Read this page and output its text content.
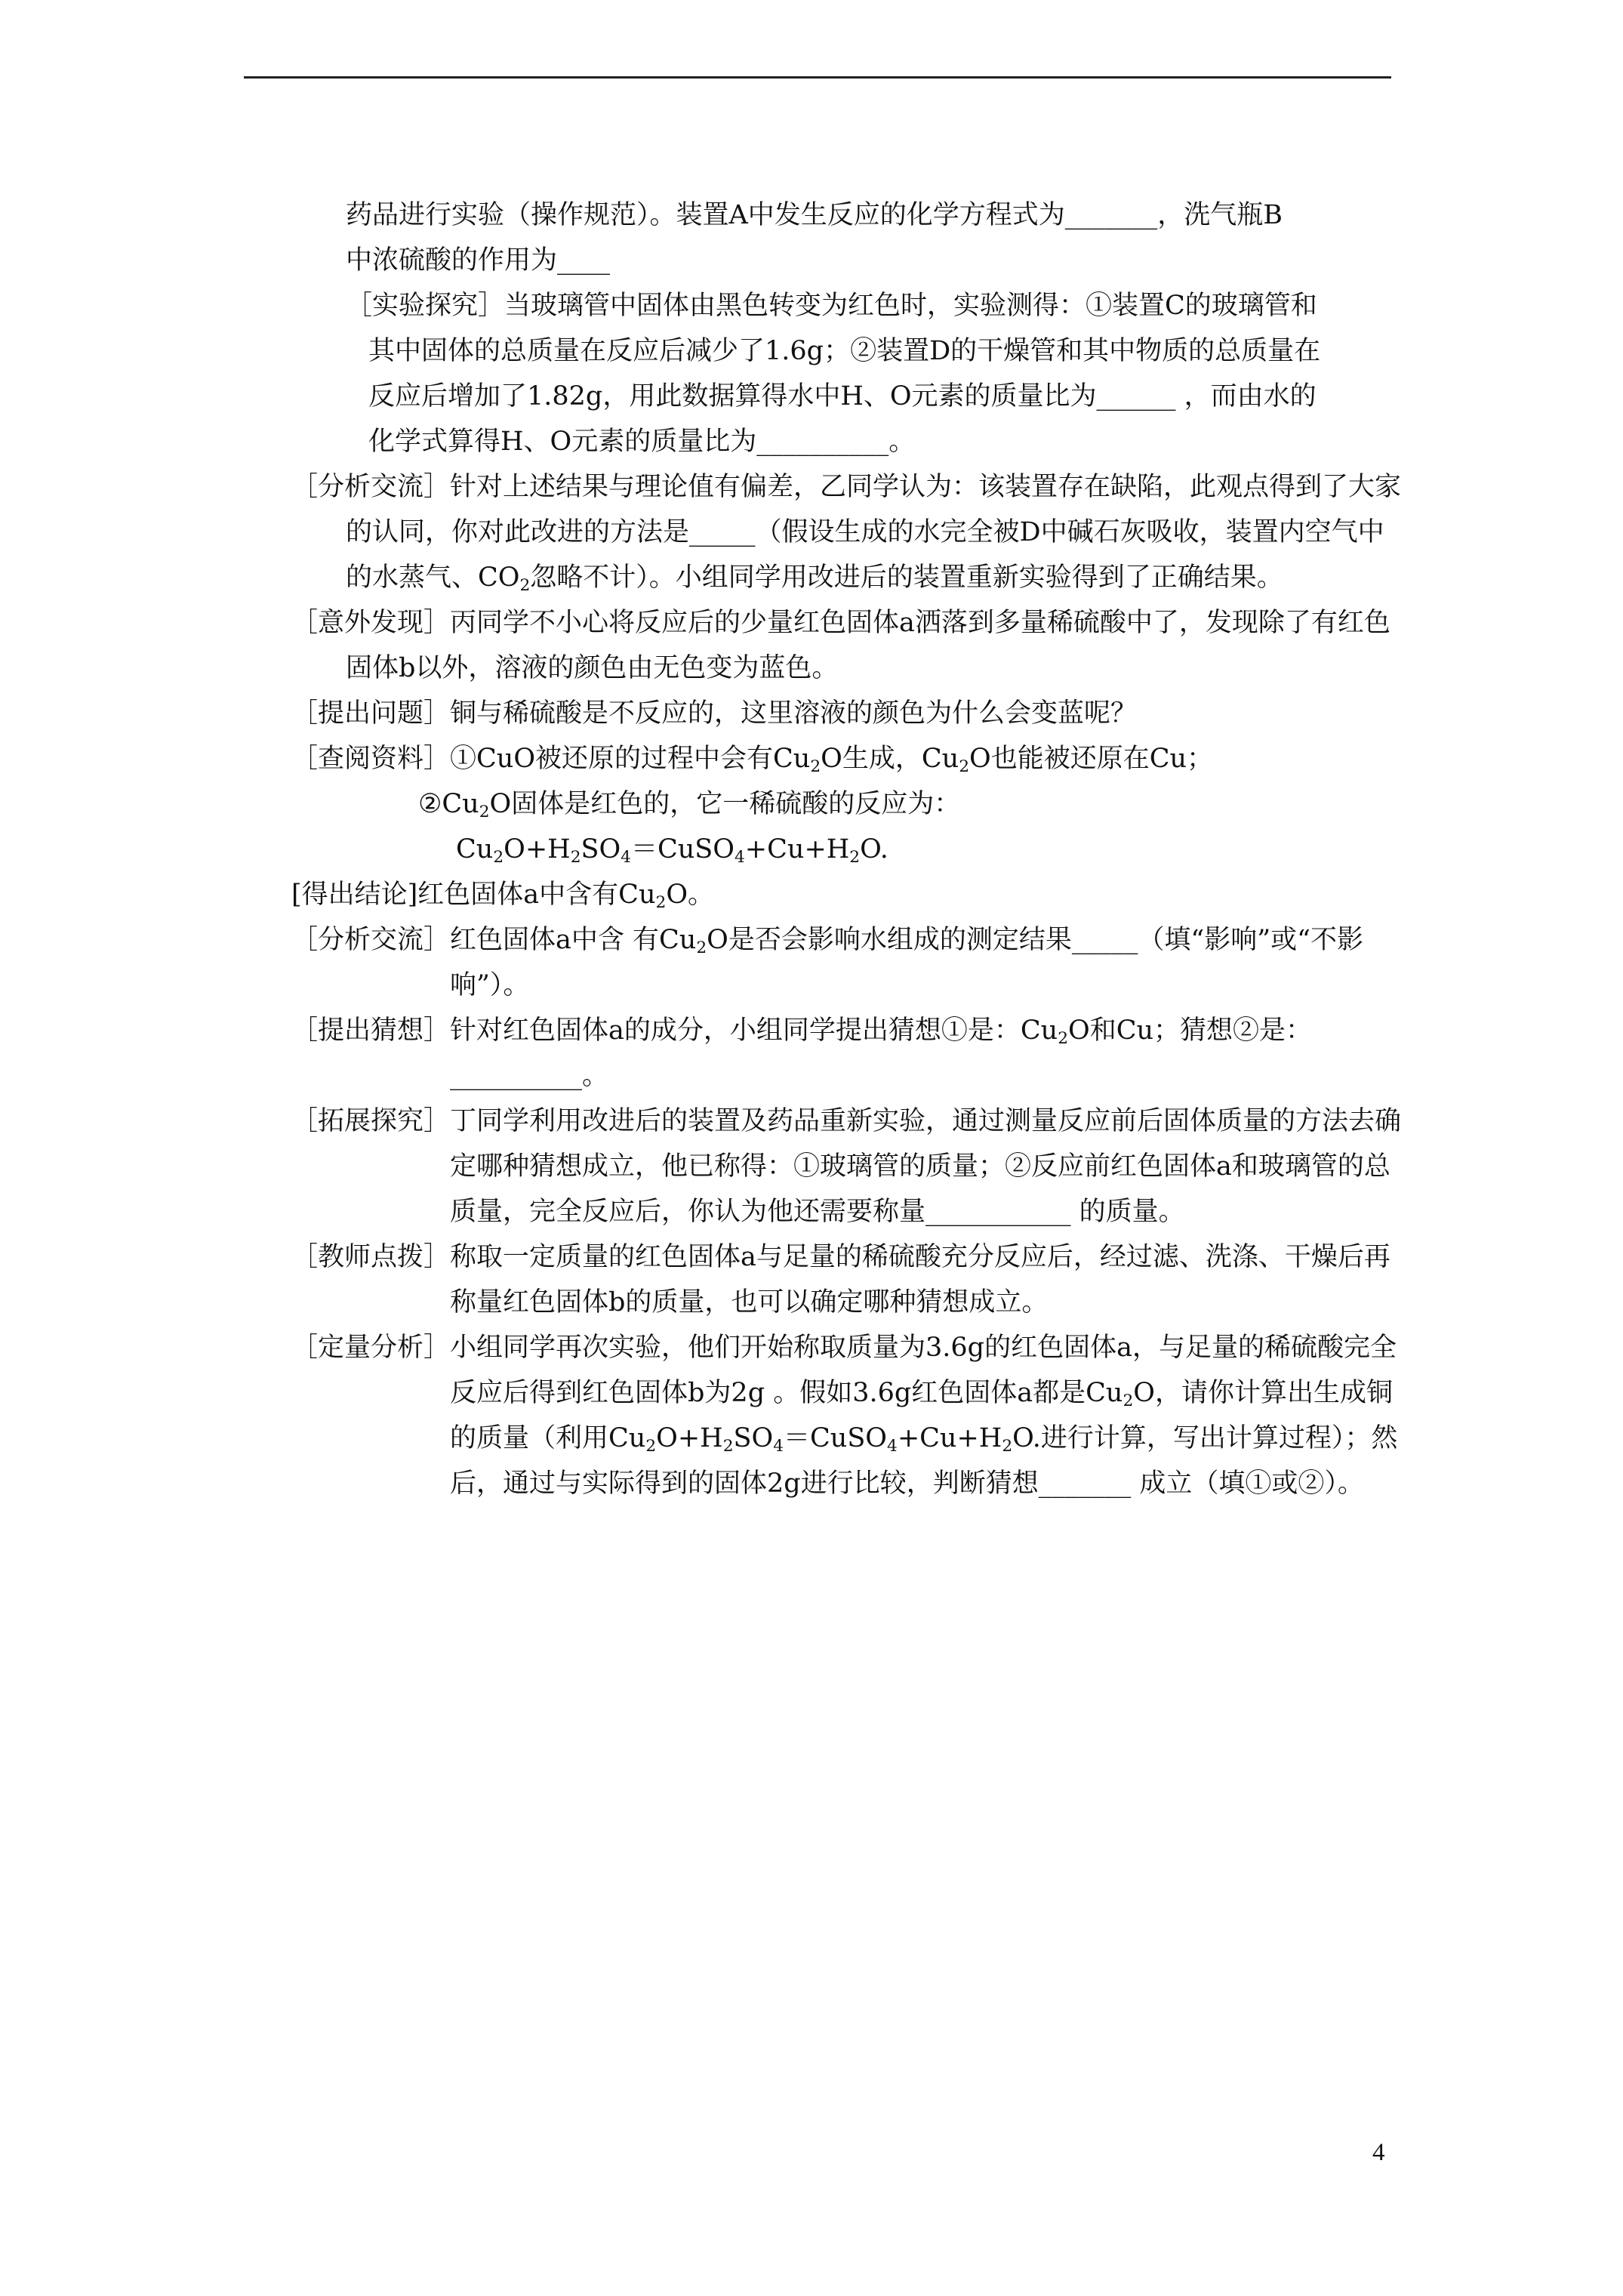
药品进行实验（操作规范）。装置A中发生反应的化学方程式为_______，洗气瓶B
中浓硫酸的作用为____

［实验探究］当玻璃管中固体由黑色转变为红色时，实验测得：①装置C的玻璃管和
其中固体的总质量在反应后减少了1.6g；②装置D的干燥管和其中物质的总质量在
反应后增加了1.82g，用此数据算得水中H、O元素的质量比为______ ，而由水的
化学式算得H、O元素的质量比为__________。

［分析交流］针对上述结果与理论值有偏差，乙同学认为：该装置存在缺陷，此观点得到了大家的认同，你对此改进的方法是_____（假设生成的水完全被D中碱石灰吸收，装置内空气中的水蒸气、$CO_2$忽略不计）。小组同学用改进后的装置重新实验得到了正确结果。

［意外发现］丙同学不小心将反应后的少量红色固体a洒落到多量稀硫酸中了，发现除了有红色固体b以外，溶液的颜色由无色变为蓝色。

［提出问题］铜与稀硫酸是不反应的，这里溶液的颜色为什么会变蓝呢？

［查阅资料］①CuO被还原的过程中会有$Cu_2O$生成，$Cu_2O$也能被还原在Cu；

$②Cu_2O$固体是红色的，它一稀硫酸的反应为：

$Cu_2O+H_2SO_4=CuSO_4+Cu+H_2O$.

[得出结论]红色固体a中含有$Cu_2O$。

［分析交流］ 红色固体a中含 有$Cu_2O$是否会影响水组成的测定结果_____（填“影响”或“不影响”）。
［提出猜想］ 针对红色固体a的成分，小组同学提出猜想①是：$Cu_2O$和Cu；猜想②是：
__________。
［拓展探究］ 丁同学利用改进后的装置及药品重新实验，通过测量反应前后固体质量的方法去确定哪种猜想成立，他已称得：①玻璃管的质量；②反应前红色固体a和玻璃管的总质量，完全反应后，你认为他还需要称量___________ 的质量。
［教师点拨］ 称取一定质量的红色固体a与足量的稀硫酸充分反应后，经过滤、洗涤、干燥后再称量红色固体b的质量，也可以确定哪种猜想成立。
［定量分析］ 小组同学再次实验，他们开始称取质量为3.6g的红色固体a，与足量的稀硫酸完全反应后得到红色固体b为2g 。假如3.6g红色固体a都是$Cu_2O$，请你计算出生成铜的质量（利用$Cu_2O+H_2SO_4=CuSO_4+Cu+H_2O$.进行计算，写出计算过程）；然后，通过与实际得到的固体2g进行比较，判断猜想_______ 成立（填①或②）。
4
